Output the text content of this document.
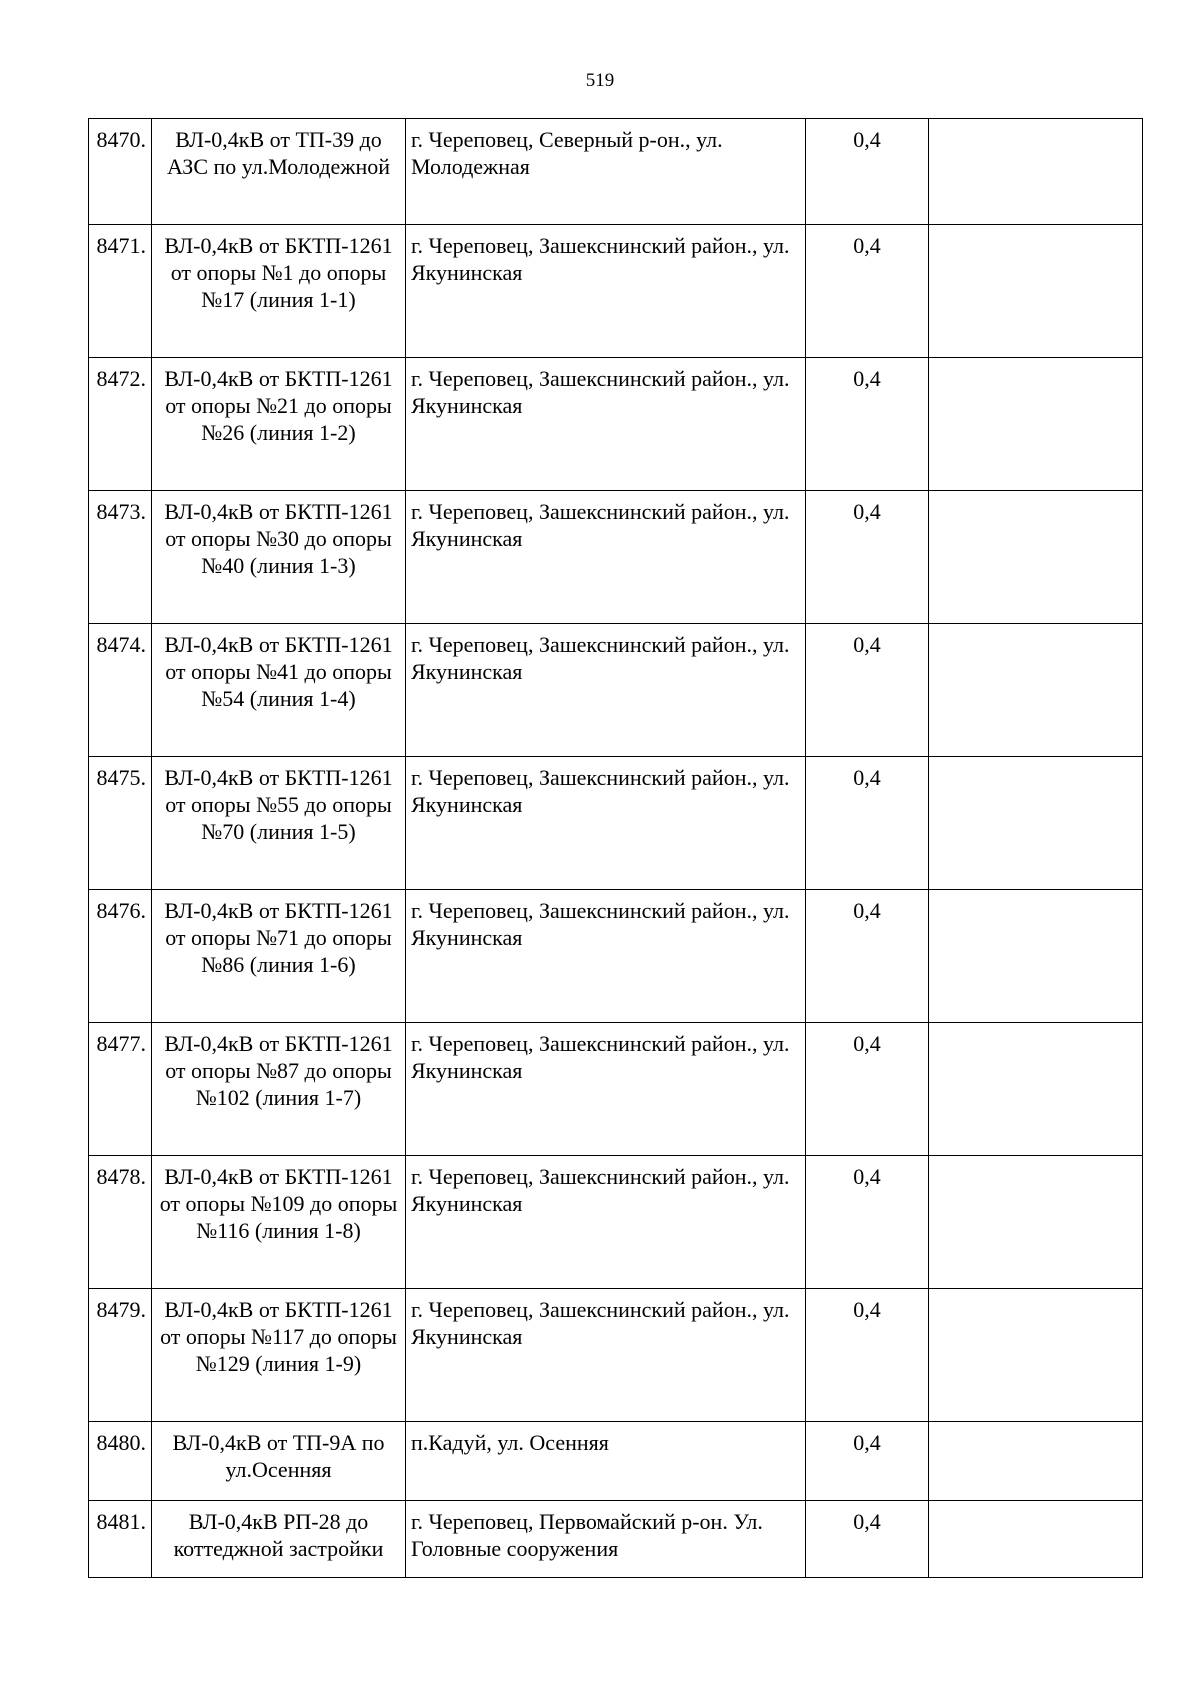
519
8470.	ВЛ-0,4кВ от ТП-39 до АЗС по ул.Молодежной	г. Череповец, Северный р-он., ул. Молодежная	0,4	
8471.	ВЛ-0,4кВ от БКТП-1261 от опоры №1 до опоры №17 (линия 1-1)	г. Череповец, Зашекснинский район., ул. Якунинская	0,4	
8472.	ВЛ-0,4кВ от БКТП-1261 от опоры №21 до опоры №26 (линия 1-2)	г. Череповец, Зашекснинский район., ул. Якунинская	0,4	
8473.	ВЛ-0,4кВ от БКТП-1261 от опоры №30 до опоры №40 (линия 1-3)	г. Череповец, Зашекснинский район., ул. Якунинская	0,4	
8474.	ВЛ-0,4кВ от БКТП-1261 от опоры №41 до опоры №54 (линия 1-4)	г. Череповец, Зашекснинский район., ул. Якунинская	0,4	
8475.	ВЛ-0,4кВ от БКТП-1261 от опоры №55 до опоры №70 (линия 1-5)	г. Череповец, Зашекснинский район., ул. Якунинская	0,4	
8476.	ВЛ-0,4кВ от БКТП-1261 от опоры №71 до опоры №86 (линия 1-6)	г. Череповец, Зашекснинский район., ул. Якунинская	0,4	
8477.	ВЛ-0,4кВ от БКТП-1261 от опоры №87 до опоры №102 (линия 1-7)	г. Череповец, Зашекснинский район., ул. Якунинская	0,4	
8478.	ВЛ-0,4кВ от БКТП-1261 от опоры №109 до опоры №116 (линия 1-8)	г. Череповец, Зашекснинский район., ул. Якунинская	0,4	
8479.	ВЛ-0,4кВ от БКТП-1261 от опоры №117 до опоры №129 (линия 1-9)	г. Череповец, Зашекснинский район., ул. Якунинская	0,4	
8480.	ВЛ-0,4кВ от ТП-9А по ул.Осенняя	п.Кадуй, ул. Осенняя	0,4	
8481.	ВЛ-0,4кВ РП-28 до коттеджной застройки	г. Череповец, Первомайский р-он. Ул. Головные сооружения	0,4	
